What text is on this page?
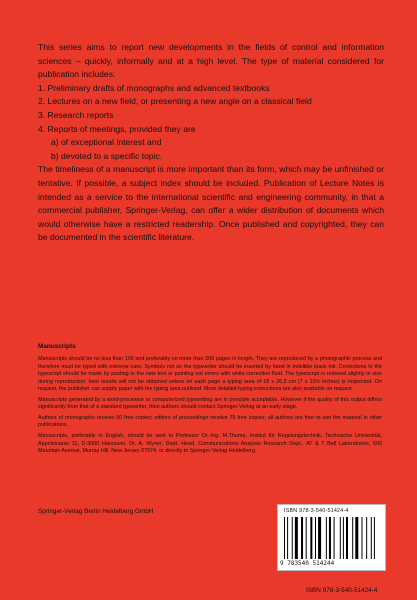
This series aims to report new developments in the fields of control and information sciences – quickly, informally and at a high level. The type of material considered for publication includes:

1. Preliminary drafts of monographs and advanced textbooks
2. Lectures on a new field, or presenting a new angle on a classical field
3. Research reports
4. Reports of meetings, provided they are
a) of exceptional interest and
b) devoted to a specific topic.

The timeliness of a manuscript is more important than its form, which may be unfinished or tentative. If possible, a subject index should be included. Publication of Lecture Notes is intended as a service to the international scientific and engineering community, in that a commercial publisher, Springer-Verlag, can offer a wider distribution of documents which would otherwise have a restricted readership. Once published and copyrighted, they can be documented in the scientific literature.

Manuscripts

Manuscripts should be no less than 100 and preferably no more than 500 pages in length. They are reproduced by a photographic process and therefore must be typed with extreme care. Symbols not on the typewriter should be inserted by hand in indelible black ink. Corrections to the typescript should be made by pasting in the new text or painting out errors with white correction fluid. The typescript is reduced slightly in size during reproduction; best results will not be obtained unless on each page a typing area of 18 x 26,5 cm (7 x 10½ inches) is respected. On request, the publisher can supply paper with the typing area outlined. More detailed typing instructions are also available on request.

Manuscripts generated by a word-processor or computerized typesetting are in principle acceptable. However if the quality of this output differs significantly from that of a standard typewriter, then authors should contact Springer-Verlag at an early stage.

Authors of monographs receive 50 free copies; editors of proceedings receive 75 free copies; all authors are free to use the material in other publications.

Manuscripts, preferably in English, should be sent to Professor Dr.-Ing. M.Thoma, Institut für Regelungstechnik, Technische Universität, Appelstrasse 11, D-3000 Hannover, Dr. A. Wyner, Dept. Head, Communications Analysis Research Dept., AT & T Bell Laboratories, 600 Mountain Avenue, Murray Hill, New Jersey 07974, or directly to Springer-Verlag Heidelberg.

Springer-Verlag Berlin Heidelberg GmbH	ISBN 978-3-540-51424-4
9 783540 514244
ISBN 978-3-540-51424-4
